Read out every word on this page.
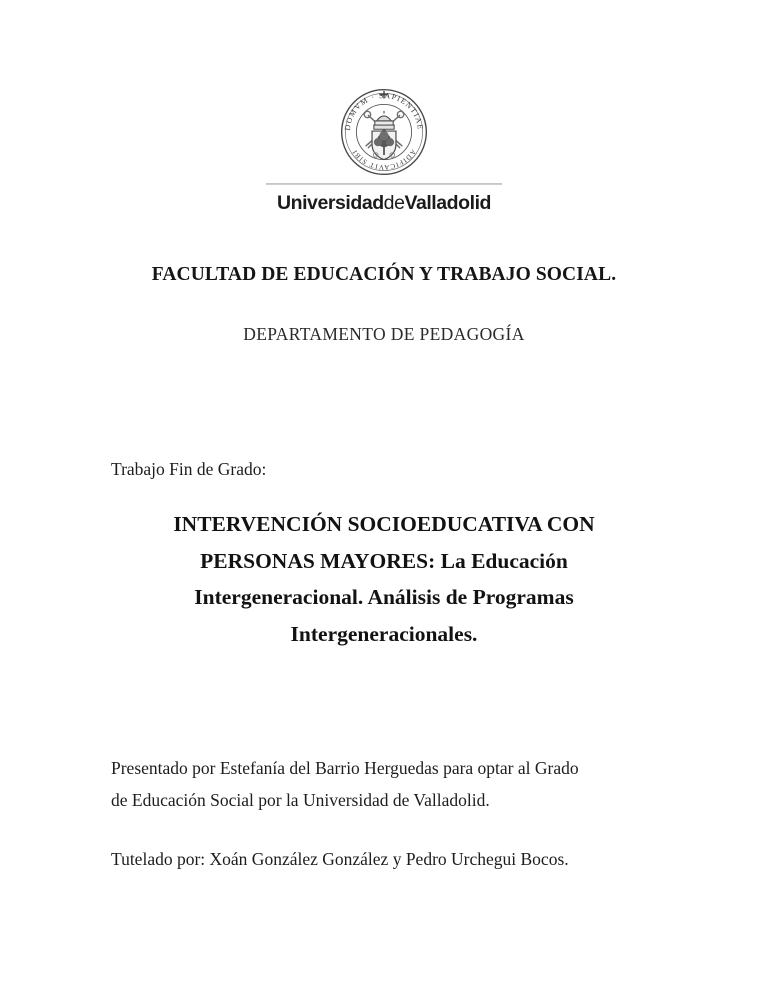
DOMVM · SAPIENTIAE
ADIFICAVIT SIBI
UniversidaddeValladolid
FACULTAD DE EDUCACIÓN Y TRABAJO SOCIAL.
DEPARTAMENTO DE PEDAGOGÍA
Trabajo Fin de Grado:
INTERVENCIÓN SOCIOEDUCATIVA CON
PERSONAS MAYORES: La Educación
Intergeneracional. Análisis de Programas
Intergeneracionales.
Presentado por Estefanía del Barrio Herguedas para optar al Grado
de Educación Social por la Universidad de Valladolid.
Tutelado por: Xoán González González y Pedro Urchegui Bocos.
